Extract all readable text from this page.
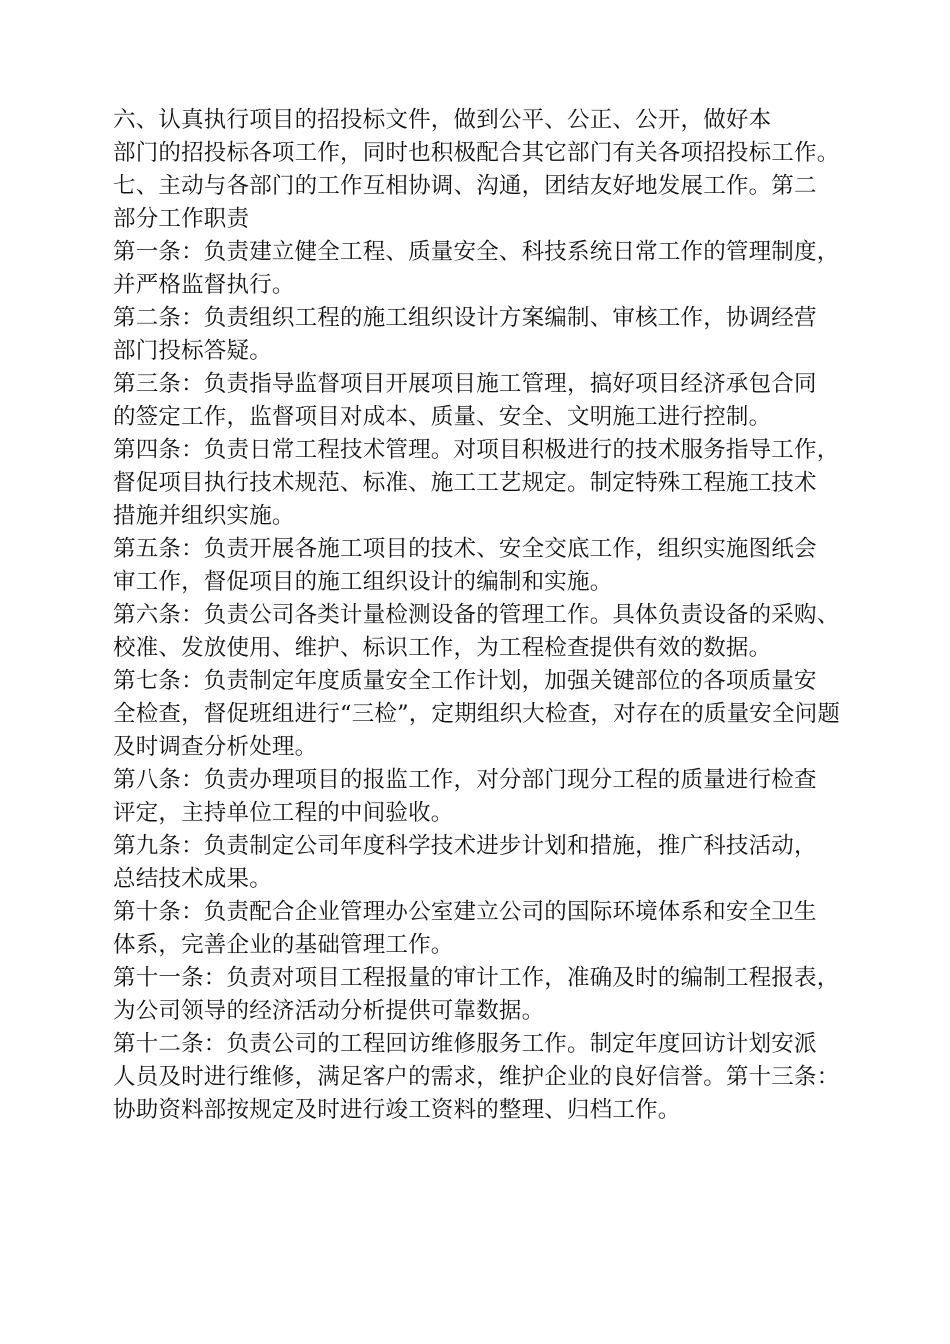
六、认真执行项目的招投标文件，做到公平、公正、公开，做好本
部门的招投标各项工作，同时也积极配合其它部门有关各项招投标工作。
七、主动与各部门的工作互相协调、沟通，团结友好地发展工作。第二
部分工作职责
第一条：负责建立健全工程、质量安全、科技系统日常工作的管理制度，
并严格监督执行。
第二条：负责组织工程的施工组织设计方案编制、审核工作，协调经营
部门投标答疑。
第三条：负责指导监督项目开展项目施工管理，搞好项目经济承包合同
的签定工作，监督项目对成本、质量、安全、文明施工进行控制。
第四条：负责日常工程技术管理。对项目积极进行的技术服务指导工作，
督促项目执行技术规范、标准、施工工艺规定。制定特殊工程施工技术
措施并组织实施。
第五条：负责开展各施工项目的技术、安全交底工作，组织实施图纸会
审工作，督促项目的施工组织设计的编制和实施。
第六条：负责公司各类计量检测设备的管理工作。具体负责设备的采购、
校准、发放使用、维护、标识工作，为工程检查提供有效的数据。
第七条：负责制定年度质量安全工作计划，加强关键部位的各项质量安
全检查，督促班组进行“三检”，定期组织大检查，对存在的质量安全问题
及时调查分析处理。
第八条：负责办理项目的报监工作，对分部门现分工程的质量进行检查
评定，主持单位工程的中间验收。
第九条：负责制定公司年度科学技术进步计划和措施，推广科技活动，
总结技术成果。
第十条：负责配合企业管理办公室建立公司的国际环境体系和安全卫生
体系，完善企业的基础管理工作。
第十一条：负责对项目工程报量的审计工作，准确及时的编制工程报表，
为公司领导的经济活动分析提供可靠数据。
第十二条：负责公司的工程回访维修服务工作。制定年度回访计划安派
人员及时进行维修，满足客户的需求，维护企业的良好信誉。第十三条：
协助资料部按规定及时进行竣工资料的整理、归档工作。
